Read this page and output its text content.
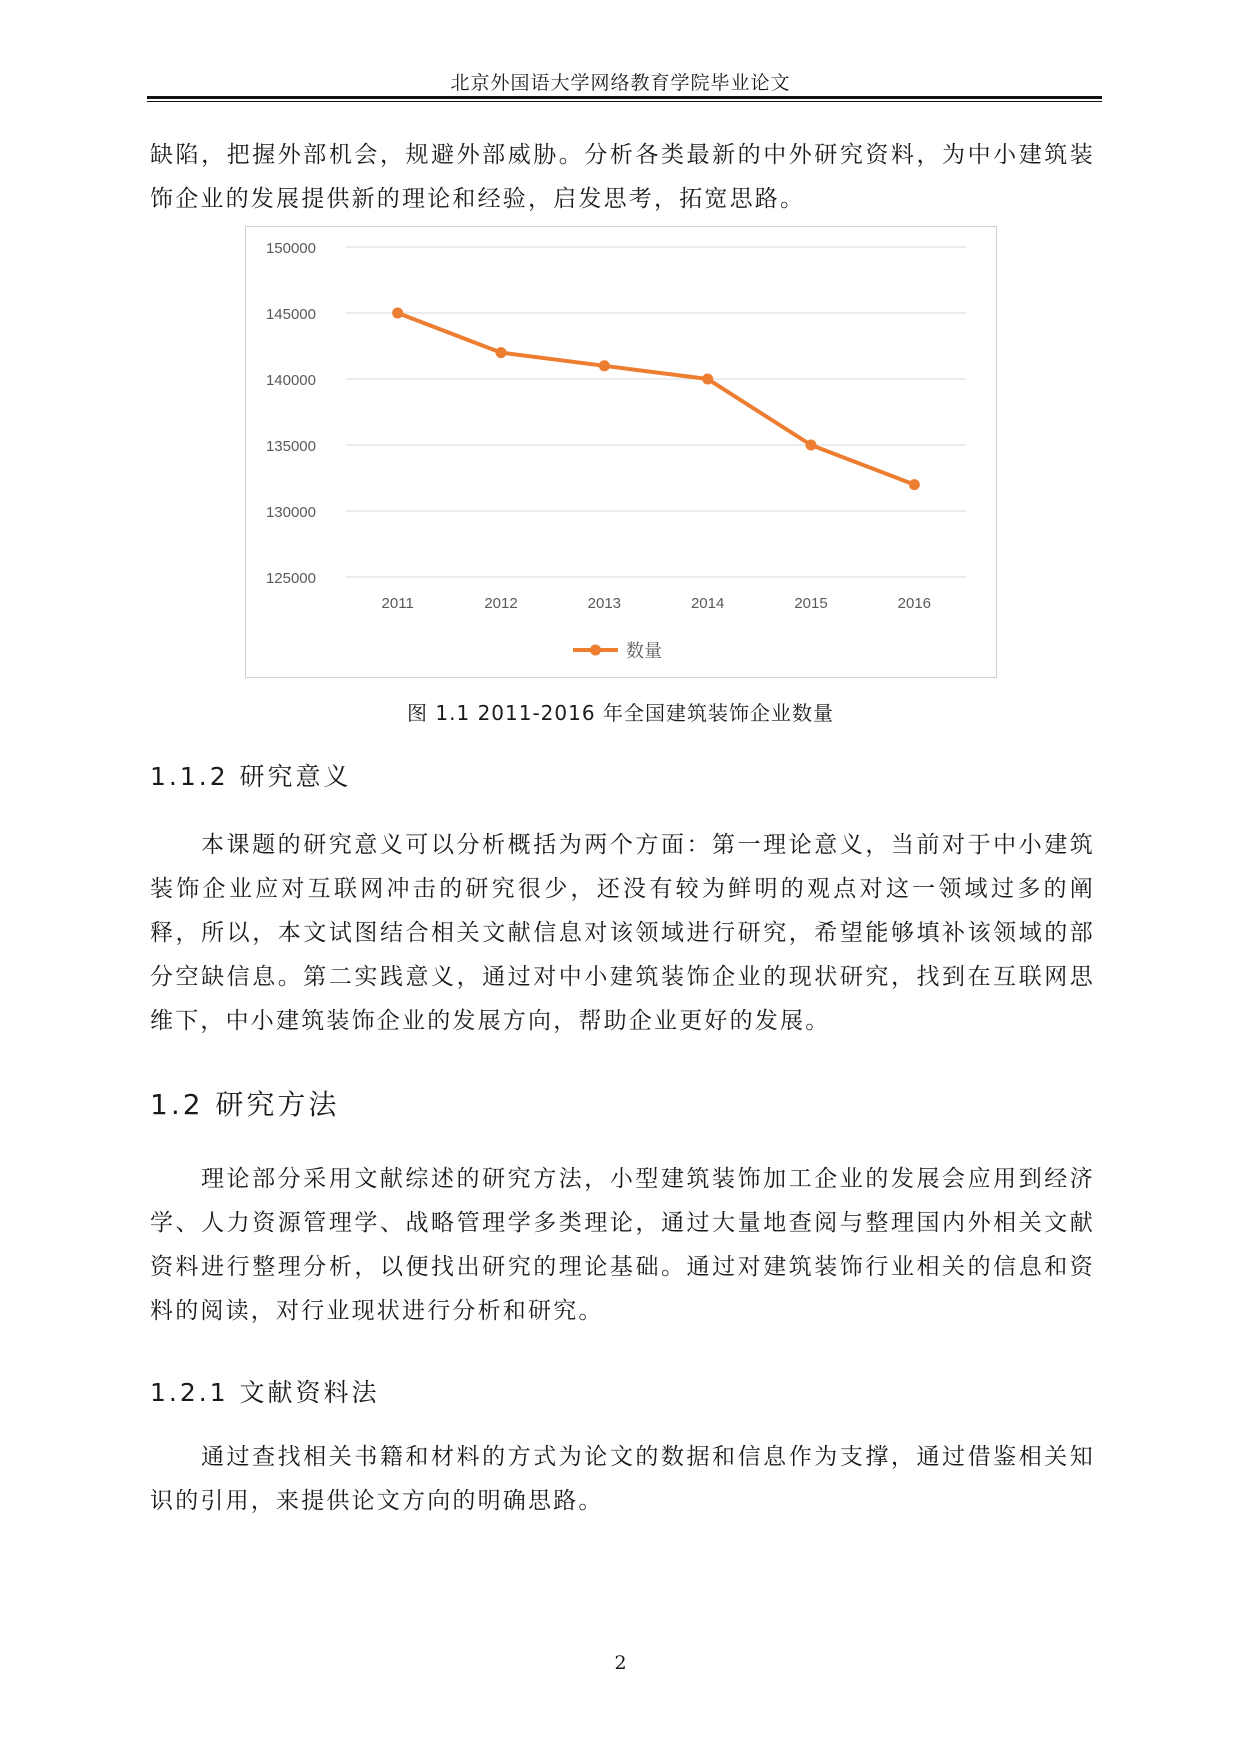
北京外国语大学网络教育学院毕业论文

缺陷，把握外部机会，规避外部威胁。分析各类最新的中外研究资料，为中小建筑装饰企业的发展提供新的理论和经验，启发思考，拓宽思路。

125000
130000
135000
140000
145000
150000
2011	2012	2013	2014	2015	2016
数量
图 1.1 2011-2016 年全国建筑装饰企业数量
1.1.2 研究意义

本课题的研究意义可以分析概括为两个方面：第一理论意义，当前对于中小建筑装饰企业应对互联网冲击的研究很少，还没有较为鲜明的观点对这一领域过多的阐释，所以，本文试图结合相关文献信息对该领域进行研究，希望能够填补该领域的部分空缺信息。第二实践意义，通过对中小建筑装饰企业的现状研究，找到在互联网思维下，中小建筑装饰企业的发展方向，帮助企业更好的发展。

1.2 研究方法

理论部分采用文献综述的研究方法，小型建筑装饰加工企业的发展会应用到经济学、人力资源管理学、战略管理学多类理论，通过大量地查阅与整理国内外相关文献资料进行整理分析，以便找出研究的理论基础。通过对建筑装饰行业相关的信息和资料的阅读，对行业现状进行分析和研究。

1.2.1 文献资料法

通过查找相关书籍和材料的方式为论文的数据和信息作为支撑，通过借鉴相关知识的引用，来提供论文方向的明确思路。

2
